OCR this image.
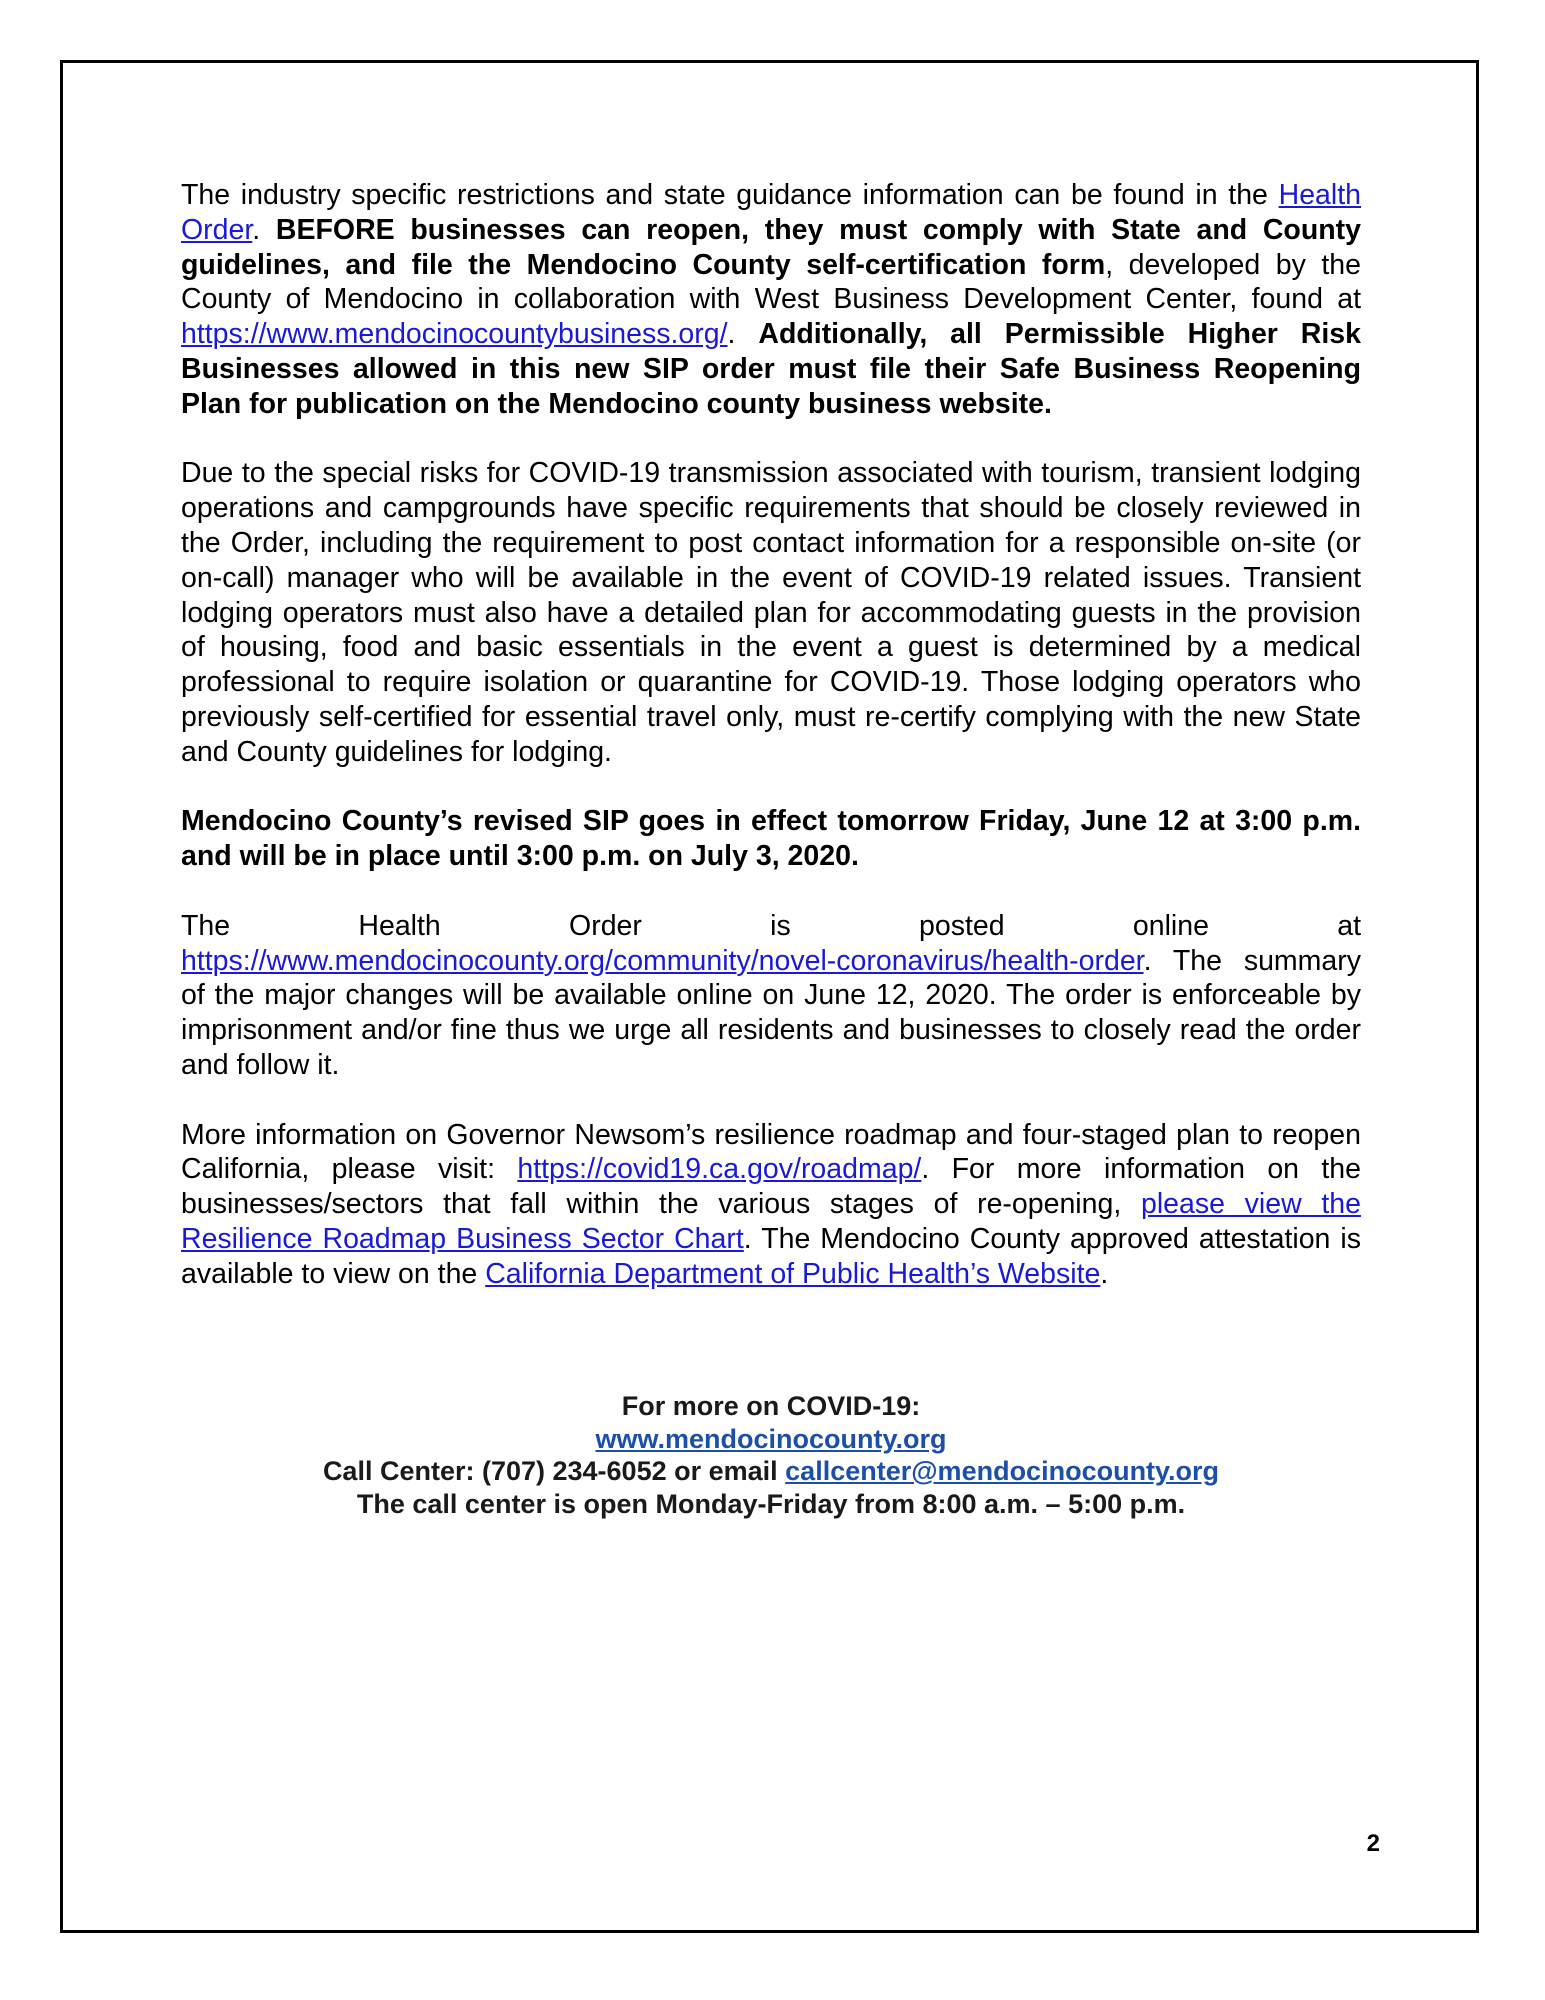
The industry specific restrictions and state guidance information can be found in the Health Order. BEFORE businesses can reopen, they must comply with State and County guidelines, and file the Mendocino County self-certification form, developed by the County of Mendocino in collaboration with West Business Development Center, found at https://www.mendocinocountybusiness.org/. Additionally, all Permissible Higher Risk Businesses allowed in this new SIP order must file their Safe Business Reopening Plan for publication on the Mendocino county business website.

Due to the special risks for COVID-19 transmission associated with tourism, transient lodging operations and campgrounds have specific requirements that should be closely reviewed in the Order, including the requirement to post contact information for a responsible on-site (or on-call) manager who will be available in the event of COVID-19 related issues. Transient lodging operators must also have a detailed plan for accommodating guests in the provision of housing, food and basic essentials in the event a guest is determined by a medical professional to require isolation or quarantine for COVID-19. Those lodging operators who previously self-certified for essential travel only, must re-certify complying with the new State and County guidelines for lodging.

Mendocino County’s revised SIP goes in effect tomorrow Friday, June 12 at 3:00 p.m. and will be in place until 3:00 p.m. on July 3, 2020.

The	Health	Order	is	posted	online	at
https://www.mendocinocounty.org/community/novel-coronavirus/health-order. The summary of the major changes will be available online on June 12, 2020. The order is enforceable by imprisonment and/or fine thus we urge all residents and businesses to closely read the order and follow it.

More information on Governor Newsom’s resilience roadmap and four-staged plan to reopen California, please visit: https://covid19.ca.gov/roadmap/. For more information on the businesses/sectors that fall within the various stages of re-opening, please view the Resilience Roadmap Business Sector Chart. The Mendocino County approved attestation is available to view on the California Department of Public Health’s Website.

For more on COVID-19:
www.mendocinocounty.org
Call Center: (707) 234-6052 or email callcenter@mendocinocounty.org
The call center is open Monday-Friday from 8:00 a.m. – 5:00 p.m.
2
